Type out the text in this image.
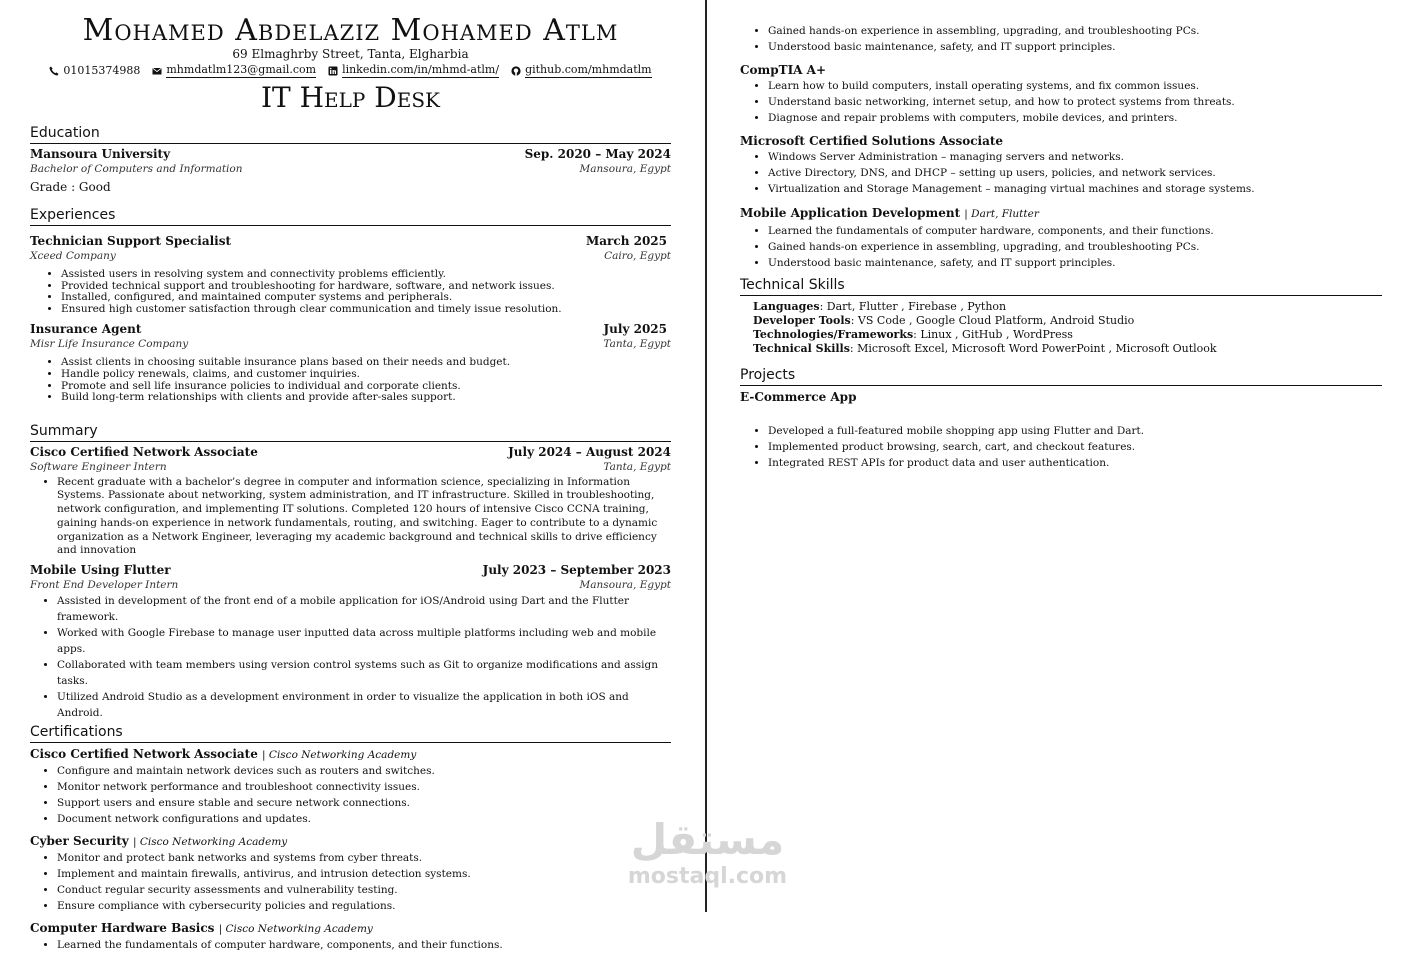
Mohamed Abdelaziz Mohamed Atlm
69 Elmaghrby Street, Tanta, Elgharbia
01015374988 mhmdatlm123@gmail.com linkedin.com/in/mhmd-atlm/ github.com/mhmdatlm
IT Help Desk
Education
Mansoura University	Sep. 2020 – May 2024
Bachelor of Computers and Information	Mansoura, Egypt
Grade : Good
Experiences
Technician Support Specialist	March 2025
Xceed Company	Cairo, Egypt
• Assisted users in resolving system and connectivity problems efficiently.
• Provided technical support and troubleshooting for hardware, software, and network issues.
• Installed, configured, and maintained computer systems and peripherals.
• Ensured high customer satisfaction through clear communication and timely issue resolution.
Insurance Agent	July 2025
Misr Life Insurance Company	Tanta, Egypt
• Assist clients in choosing suitable insurance plans based on their needs and budget.
• Handle policy renewals, claims, and customer inquiries.
• Promote and sell life insurance policies to individual and corporate clients.
• Build long-term relationships with clients and provide after-sales support.
Summary
Cisco Certified Network Associate	July 2024 – August 2024
Software Engineer Intern	Tanta, Egypt
• Recent graduate with a bachelor’s degree in computer and information science, specializing in Information Systems. Passionate about networking, system administration, and IT infrastructure. Skilled in troubleshooting, network configuration, and implementing IT solutions. Completed 120 hours of intensive Cisco CCNA training, gaining hands-on experience in network fundamentals, routing, and switching. Eager to contribute to a dynamic organization as a Network Engineer, leveraging my academic background and technical skills to drive efficiency and innovation
Mobile Using Flutter	July 2023 – September 2023
Front End Developer Intern	Mansoura, Egypt
• Assisted in development of the front end of a mobile application for iOS/Android using Dart and the Flutter framework.
• Worked with Google Firebase to manage user inputted data across multiple platforms including web and mobile apps.
• Collaborated with team members using version control systems such as Git to organize modifications and assign tasks.
• Utilized Android Studio as a development environment in order to visualize the application in both iOS and Android.
Certifications
Cisco Certified Network Associate | Cisco Networking Academy
• Configure and maintain network devices such as routers and switches.
• Monitor network performance and troubleshoot connectivity issues.
• Support users and ensure stable and secure network connections.
• Document network configurations and updates.
Cyber Security | Cisco Networking Academy
• Monitor and protect bank networks and systems from cyber threats.
• Implement and maintain firewalls, antivirus, and intrusion detection systems.
• Conduct regular security assessments and vulnerability testing.
• Ensure compliance with cybersecurity policies and regulations.
Computer Hardware Basics | Cisco Networking Academy
• Learned the fundamentals of computer hardware, components, and their functions.
• Gained hands-on experience in assembling, upgrading, and troubleshooting PCs.
• Understood basic maintenance, safety, and IT support principles.
CompTIA A+
• Learn how to build computers, install operating systems, and fix common issues.
• Understand basic networking, internet setup, and how to protect systems from threats.
• Diagnose and repair problems with computers, mobile devices, and printers.
Microsoft Certified Solutions Associate
• Windows Server Administration – managing servers and networks.
• Active Directory, DNS, and DHCP – setting up users, policies, and network services.
• Virtualization and Storage Management – managing virtual machines and storage systems.
Mobile Application Development | Dart, Flutter
• Learned the fundamentals of computer hardware, components, and their functions.
• Gained hands-on experience in assembling, upgrading, and troubleshooting PCs.
• Understood basic maintenance, safety, and IT support principles.
Technical Skills
Languages: Dart, Flutter , Firebase , Python
Developer Tools: VS Code , Google Cloud Platform, Android Studio
Technologies/Frameworks: Linux , GitHub , WordPress
Technical Skills: Microsoft Excel, Microsoft Word PowerPoint , Microsoft Outlook
Projects
E-Commerce App
• Developed a full-featured mobile shopping app using Flutter and Dart.
• Implemented product browsing, search, cart, and checkout features.
• Integrated REST APIs for product data and user authentication.
مستقل
mostaql.com
